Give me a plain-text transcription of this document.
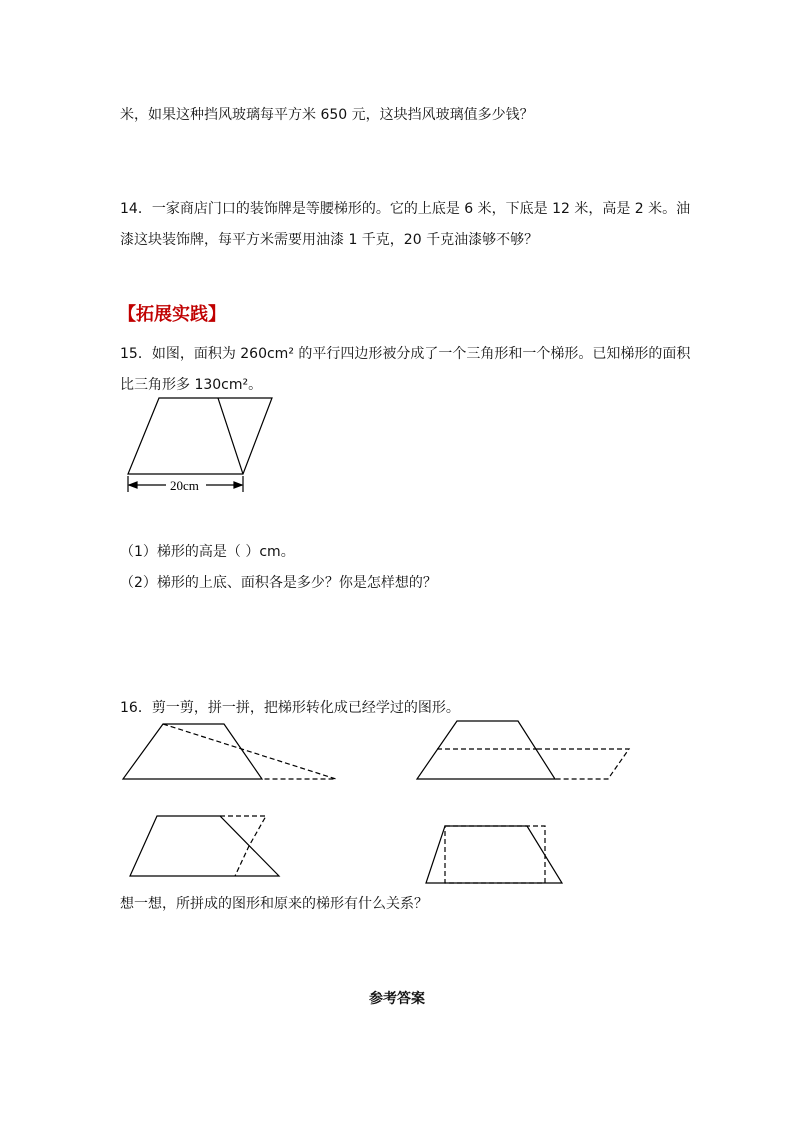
米，如果这种挡风玻璃每平方米 650 元，这块挡风玻璃值多少钱？
14．一家商店门口的装饰牌是等腰梯形的。它的上底是 6 米，下底是 12 米，高是 2 米。油
漆这块装饰牌，每平方米需要用油漆 1 千克，20 千克油漆够不够？
【拓展实践】
15．如图，面积为 260cm² 的平行四边形被分成了一个三角形和一个梯形。已知梯形的面积
比三角形多 130cm²。
（1）梯形的高是（ ）cm。
（2）梯形的上底、面积各是多少？你是怎样想的？
16．剪一剪，拼一拼，把梯形转化成已经学过的图形。
想一想，所拼成的图形和原来的梯形有什么关系？
参考答案
20cm
